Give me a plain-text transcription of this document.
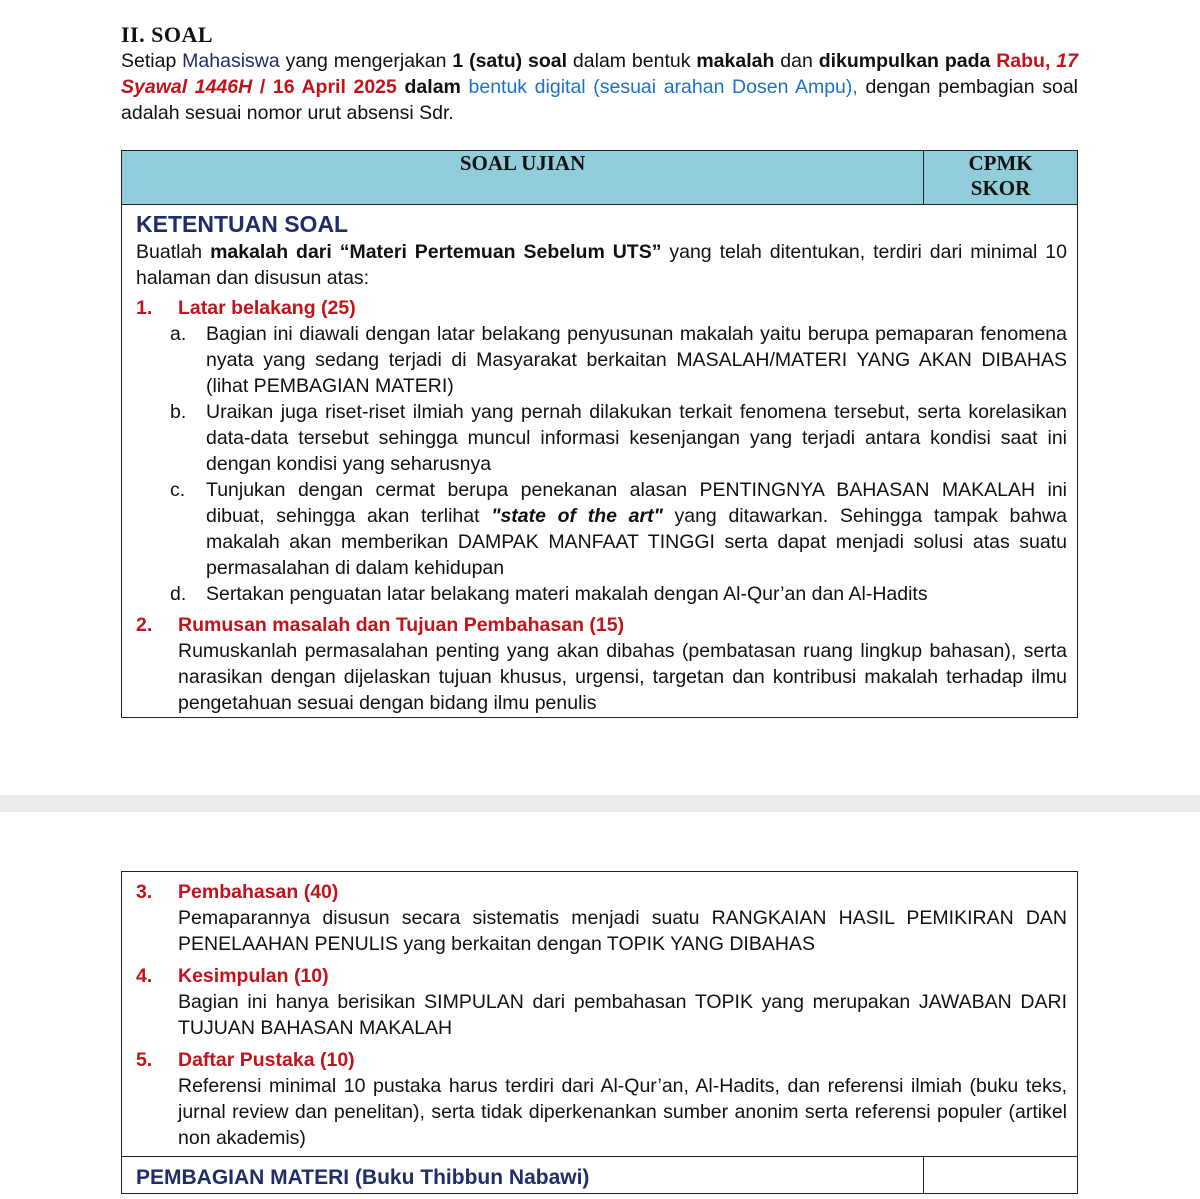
II. SOAL

Setiap Mahasiswa yang mengerjakan 1 (satu) soal dalam bentuk makalah dan dikumpulkan pada Rabu, 17 Syawal 1446H / 16 April 2025 dalam bentuk digital (sesuai arahan Dosen Ampu), dengan pembagian soal adalah sesuai nomor urut absensi Sdr.

SOAL UJIAN	CPMK
SKOR

KETENTUAN SOAL
Buatlah makalah dari “Materi Pertemuan Sebelum UTS” yang telah ditentukan, terdiri dari minimal 10 halaman dan disusun atas:
1.	Latar belakang (25)
a.	Bagian ini diawali dengan latar belakang penyusunan makalah yaitu berupa pemaparan fenomena nyata yang sedang terjadi di Masyarakat berkaitan MASALAH/MATERI YANG AKAN DIBAHAS (lihat PEMBAGIAN MATERI)
b.	Uraikan juga riset-riset ilmiah yang pernah dilakukan terkait fenomena tersebut, serta korelasikan data-data tersebut sehingga muncul informasi kesenjangan yang terjadi antara kondisi saat ini dengan kondisi yang seharusnya
c.	Tunjukan dengan cermat berupa penekanan alasan PENTINGNYA BAHASAN MAKALAH ini dibuat, sehingga akan terlihat "state of the art" yang ditawarkan. Sehingga tampak bahwa makalah akan memberikan DAMPAK MANFAAT TINGGI serta dapat menjadi solusi atas suatu permasalahan di dalam kehidupan
d.	Sertakan penguatan latar belakang materi makalah dengan Al-Qur’an dan Al-Hadits
2.	Rumusan masalah dan Tujuan Pembahasan (15)
Rumuskanlah permasalahan penting yang akan dibahas (pembatasan ruang lingkup bahasan), serta narasikan dengan dijelaskan tujuan khusus, urgensi, targetan dan kontribusi makalah terhadap ilmu pengetahuan sesuai dengan bidang ilmu penulis
3.	Pembahasan (40)
Pemaparannya disusun secara sistematis menjadi suatu RANGKAIAN HASIL PEMIKIRAN DAN PENELAAHAN PENULIS yang berkaitan dengan TOPIK YANG DIBAHAS
4.	Kesimpulan (10)
Bagian ini hanya berisikan SIMPULAN dari pembahasan TOPIK yang merupakan JAWABAN DARI TUJUAN BAHASAN MAKALAH
5.	Daftar Pustaka (10)
Referensi minimal 10 pustaka harus terdiri dari Al-Qur’an, Al-Hadits, dan referensi ilmiah (buku teks, jurnal review dan penelitan), serta tidak diperkenankan sumber anonim serta referensi populer (artikel non akademis)

PEMBAGIAN MATERI (Buku Thibbun Nabawi)	
